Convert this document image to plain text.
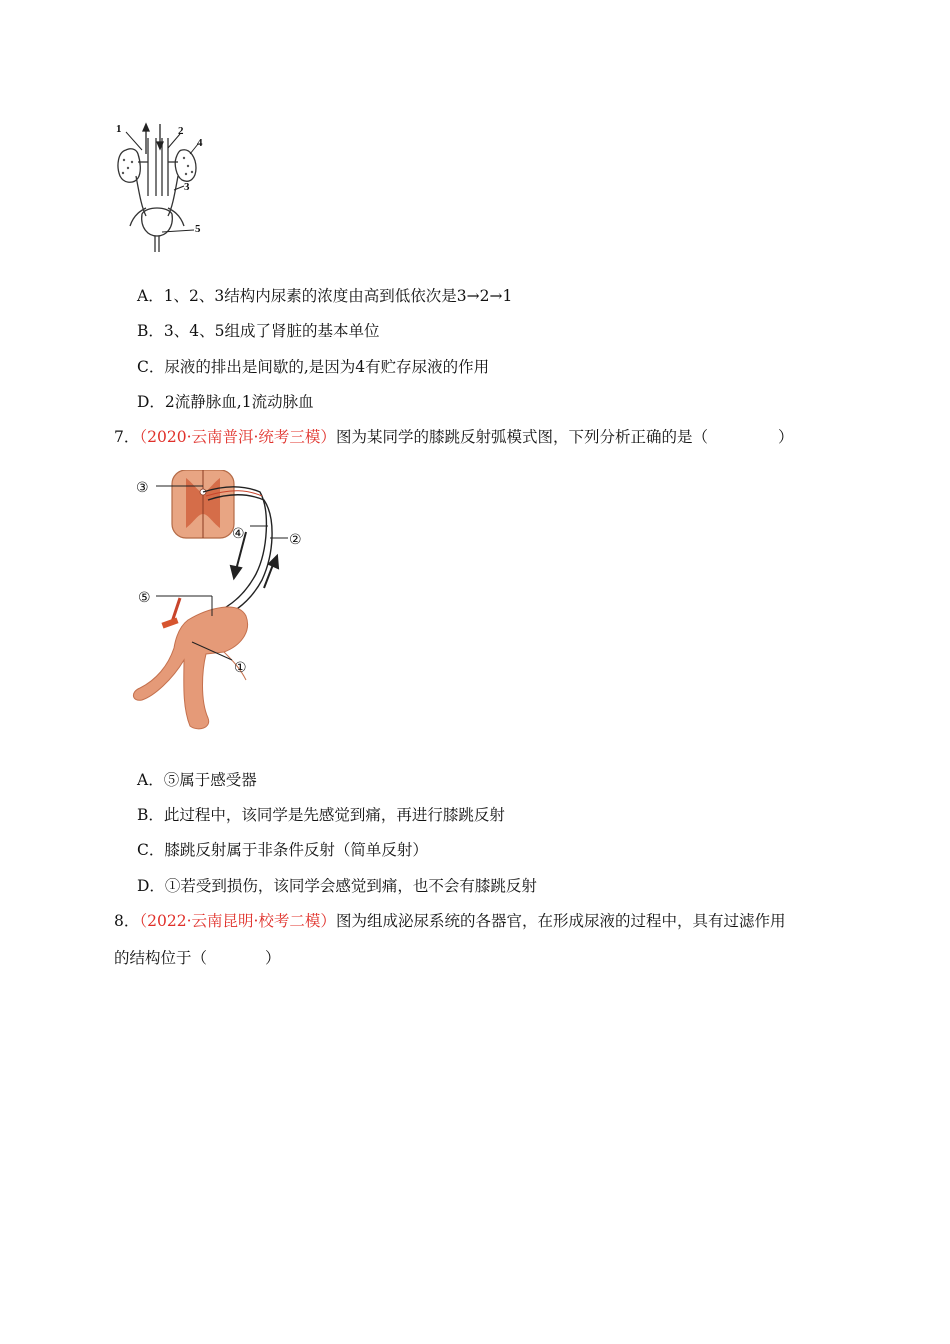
1	2
3
4
5
A．1、2、3结构内尿素的浓度由高到低依次是3→2→1
B．3、4、5组成了肾脏的基本单位
C．尿液的排出是间歇的,是因为4有贮存尿液的作用
D．2流静脉血,1流动脉血
7．（2020·云南普洱·统考三模）图为某同学的膝跳反射弧模式图，下列分析正确的是（	）
③
④	②
⑤
①
A．⑤属于感受器
B．此过程中，该同学是先感觉到痛，再进行膝跳反射
C．膝跳反射属于非条件反射（简单反射）
D．①若受到损伤，该同学会感觉到痛，也不会有膝跳反射
8．（2022·云南昆明·校考二模）图为组成泌尿系统的各器官，在形成尿液的过程中，具有过滤作用
的结构位于（	）
